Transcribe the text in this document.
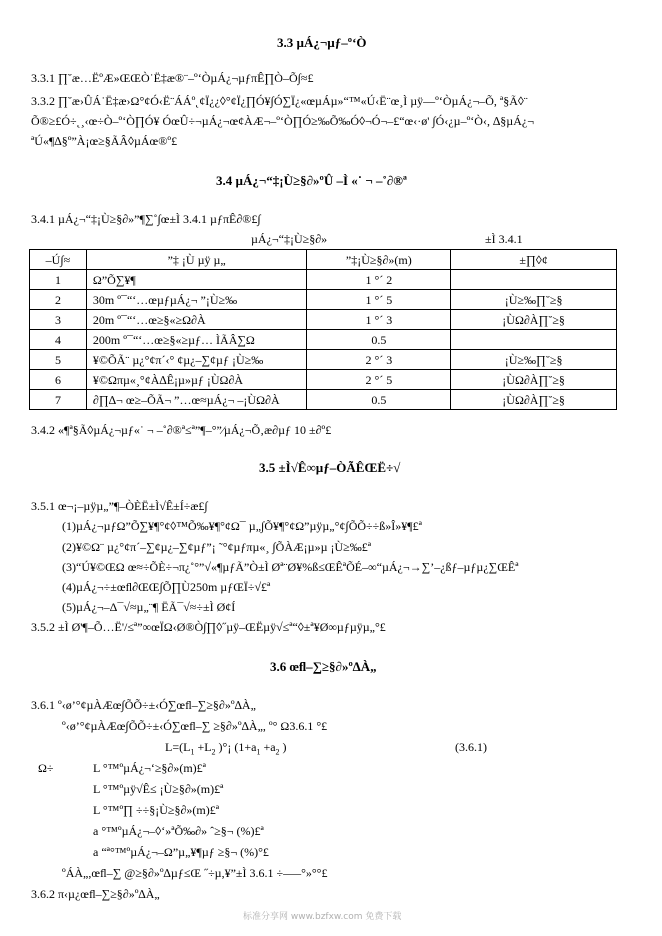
3.3 µÁ¿¬µƒ–º‘Ò
3.3.1 ∏˘æ…ËºÆ»ŒŒÒ˙Ë‡æ®¨–º‘ÒµÁ¿¬µƒπÊ∏Ò–Õ∫≈£
3.3.2 ∏˘æ›ÛÁ˙Ë‡æ›Ω°¢Ó‹Ë¨ÁÁº˛¢Ï¿¿◊°¢Ï¿∏Ó¥∫Ó∑Ï¿«œµÁµ»“™«Ú‹Ë¨œ¸Ì µÿ—º‘ÒµÁ¿¬–Õ, ª§Ã◊¨
Õ®≥£Ó÷˛¸‹œ÷Ò–º‘Ò∏Ó¥ ÓœÛ÷¬µÁ¿¬œ¢ÀÆ¬–º‘Ò∏Ó≥‰Õ‰Ó◊¬Ó¬–£“œ‹·ø' ∫Ó‹¿µ–º‘Ò‹, ∆§µÁ¿¬
ªÚ«¶∆§º”À¡œ≥§ÃÂ◊µÁœ®º£
3.4 µÁ¿¬“‡¡Ù≥§∂»ºÛ –Ì «˙ ¬ –˚∂®ª
3.4.1 µÁ¿¬“‡¡Ù≥§∂»”¶∑˚∫œ±Ì 3.4.1 µƒπÊ∂®£∫
µÁ¿¬“‡¡Ù≥§∂»	±Ì 3.4.1
–Ú∫≈	”‡ ¡Ù µÿ µ„	”‡¡Ù≥§∂»(m)	±∏◊¢
1	Ω”Õ∑¥¶	1 °´ 2	
2	30m º¯“‘…œµƒµÁ¿¬ ”¡Ù≥‰	1 °´ 5	¡Ù≥‰∏˘≥§
3	20m º¯“‘…œ≥§«≥Ω∂À	1 °´ 3	¡ÙΩ∂À∏˘≥§
4	200m º¯“‘…œ≥§«≥µƒ… ÌÃÂ∑Ω	0.5	
5	¥©ÕÃ¨ µ¿°¢π´‹° ¢µ¿–∑¢µƒ ¡Ù≥‰	2 °´ 3	¡Ù≥‰∏˘≥§
6	¥©Ωπµ«¸°¢À∆Ê¡µ»µƒ ¡ÙΩ∂À	2 °´ 5	¡ÙΩ∂À∏˘≥§
7	∂∏∆¬ œ≥–ÕÃ¬ ”…œ≈µÁ¿¬ –¡ÙΩ∂À	0.5	¡ÙΩ∂À∏˘≥§
3.4.2 «¶ª§Ã◊µÁ¿¬µƒ«˙ ¬ –˚∂®ª≤ª”¶–°”⁄µÁ¿¬Õ‚æ∂µƒ 10 ±∂º£
3.5 ±Ì√Ê∞µƒ–ÒÃÊŒË÷√
3.5.1 œ¬¡–µÿµ„”¶–ÒÈË±Ì√Ê±Í÷æ£∫
(1)µÁ¿¬µƒΩ”Õ∑¥¶°¢◊™Õ‰¥¶°¢Ω¯ µ„∫Õ¥¶°¢Ω”µÿµ„°¢∫ÕÕ÷÷ß»Î»¥¶£ª
(2)¥©Ω¨ µ¿°¢π´–∑¢µ¿–∑¢µƒ”¡ ˜°¢µƒπµ«¸ ∫ÕÀÆ¡µ»µ ¡Ù≥‰£ª
(3)“Ú¥©ŒΩ œ≈÷ÕÈ÷¬π¿˚°”√«¶µƒÃ”Ò±Ì Øª¨Ø¥%ß≤ŒÊªÕÉ–∞“µÁ¿¬→∑’–¿ßƒ–µƒµ¿∑ŒÊª
(4)µÁ¿¬÷±œﬂ∂ŒŒ∫Õ∏Ù250m µƒŒÏ÷√£ª
(5)µÁ¿¬–Δ¯√≈µ„¨¶ ËÃ¯√≈÷±Ì Ø¢Í
3.5.2 ±Ì Ø'¶–Õ…Ë'/≤ª”∞œÏΩ‹Ø®Ò∫∏◊˝µÿ–ŒËµÿ√≤ª“◊±ª¥Ø∞µƒµÿµ„°£
3.6 œﬂ–∑≥§∂»º∆À„
3.6.1 º‹ø’°¢µÀÆœ∫ÕÕ÷±‹Ó∑œﬂ–∑≥§∂»º∆À„
º‹ø’°¢µÀÆœ∫ÕÕ÷±‹Ó∑œﬂ–∑ ≥§∂»º∆À„, º° Ω3.6.1 °£
$L=(L_1 +L_2$ )°¡ ($1+a_1 +a_2$ )	(3.6.1)
Ω÷	L °™ºµÁ¿¬‘≥§∂»(m)£ª
L °™ºµÿ√Ê≤ ¡Ù≥§∂»(m)£ª
L °™º∏ ÷÷§¡Ù≥§∂»(m)£ª
a °™ºµÁ¿¬–◊‘»ªÕ‰∂» ˆ≥§¬ (%)£ª
a “ª°™ºµÁ¿¬–Ω”µ„¥¶µƒ ≥§¬ (%)°£
ºÁÀ„,œﬂ–∑ @≥§∂»º∆µƒ≤Œ ˝÷µ,¥”±Ì 3.6.1 ÷–—°»°°£
3.6.2 π‹µ¿œﬂ–∑≥§∂»º∆À„
标准分享网 www.bzfxw.com 免费下载
